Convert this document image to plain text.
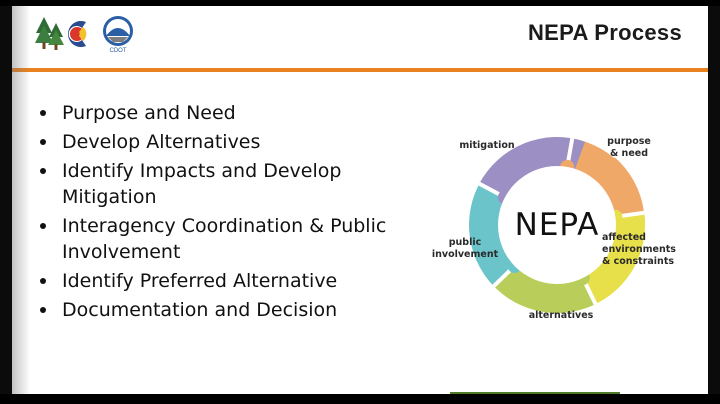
CDOT
NEPA Process
Purpose and Need
Develop Alternatives
Identify Impacts and Develop Mitigation
Interagency Coordination & Public Involvement
Identify Preferred Alternative
Documentation and Decision
NEPA
mitigation	purpose
& need
affected
environments
& constraints
alternatives
public
involvement
